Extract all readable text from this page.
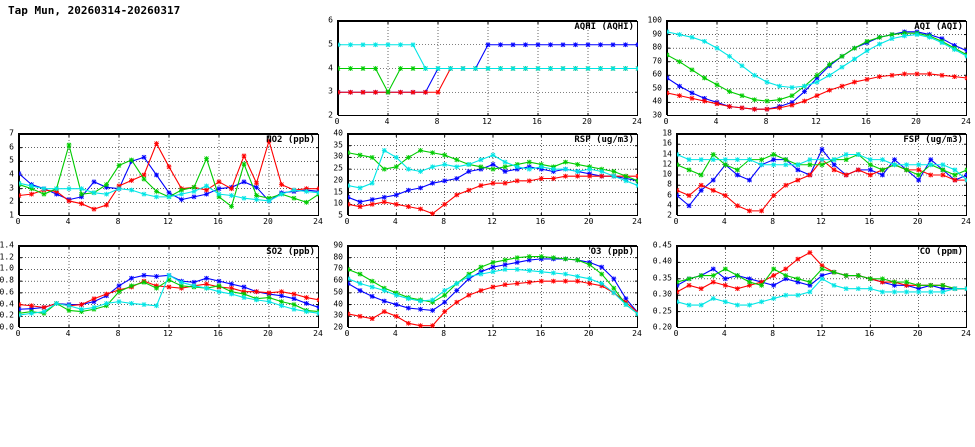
Tap Mun, 20260314-20260317
AQHI (AQHI)
0	4	8	12	16	20	24
2
3
4
5
6
AQI (AQI)
0	4	8	12	16	20	24
30
40
50
60
70
80
90
100
NO2 (ppb)
0	4	8	12	16	20	24
1
2
3
4
5
6
7
RSP (ug/m3)
0	4	8	12	16	20	24
5
10
15
20
25
30
35
40
FSP (ug/m3)
0	4	8	12	16	20	24
2
4
6
8
10
12
14
16
18
SO2 (ppb)
0	4	8	12	16	20	24
0.0
0.2
0.4
0.6
0.8
1.0
1.2
1.4
O3 (ppb)
0	4	8	12	16	20	24
20
30
40
50
60
70
80
90
CO (ppm)
0	4	8	12	16	20	24
0.20
0.25
0.30
0.35
0.40
0.45
